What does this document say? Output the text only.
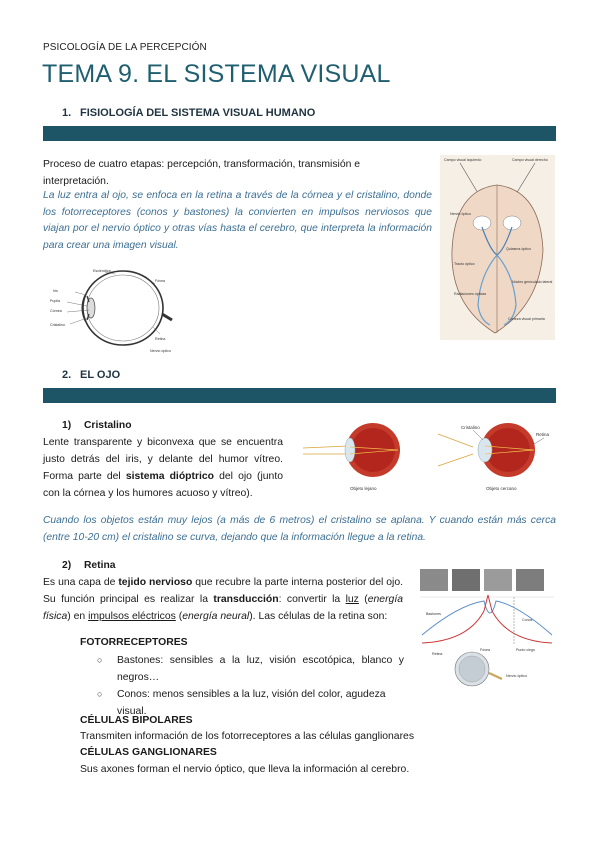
PSICOLOGÍA DE LA PERCEPCIÓN
TEMA 9. EL SISTEMA VISUAL
1. FISIOLOGÍA DEL SISTEMA VISUAL HUMANO
Proceso de cuatro etapas: percepción, transformación, transmisión e interpretación.
La luz entra al ojo, se enfoca en la retina a través de la córnea y el cristalino, donde los fotorreceptores (conos y bastones) la convierten en impulsos nerviosos que viajan por el nervio óptico y otras vías hasta el cerebro, que interpreta la información para crear una imagen visual.
Esclerótica
Iris
Pupila
Córnea
Cristalino
Fóvea
Nervio óptico
Retina
Campo visual izquierdo	Campo visual derecho
Nervio óptico
Quiasma óptico
Tracto óptico
Núcleo geniculado lateral
Radiaciones ópticas
Corteza visual primaria
2. EL OJO
1) Cristalino
Lente transparente y biconvexa que se encuentra justo detrás del iris, y delante del humor vítreo. Forma parte del sistema dióptrico del ojo (junto con la córnea y los humores acuoso y vítreo).	Objeto lejano
Cristalino
Retina
Objeto cercano
Cuando los objetos están muy lejos (a más de 6 metros) el cristalino se aplana. Y cuando están más cerca (entre 10-20 cm) el cristalino se curva, dejando que la información llegue a la retina.
2) Retina
Es una capa de tejido nervioso que recubre la parte interna posterior del ojo. Su función principal es realizar la transducción: convertir la luz (energía física) en impulsos eléctricos (energía neural). Las células de la retina son:	Bastones
Conos
Fóvea	Punto ciego
Retina
Nervio óptico
FOTORRECEPTORES
○ Bastones: sensibles a la luz, visión escotópica, blanco y negros…
○ Conos: menos sensibles a la luz, visión del color, agudeza visual.
CÉLULAS BIPOLARES
Transmiten información de los fotorreceptores a las células ganglionares
CÉLULAS GANGLIONARES
Sus axones forman el nervio óptico, que lleva la información al cerebro.
